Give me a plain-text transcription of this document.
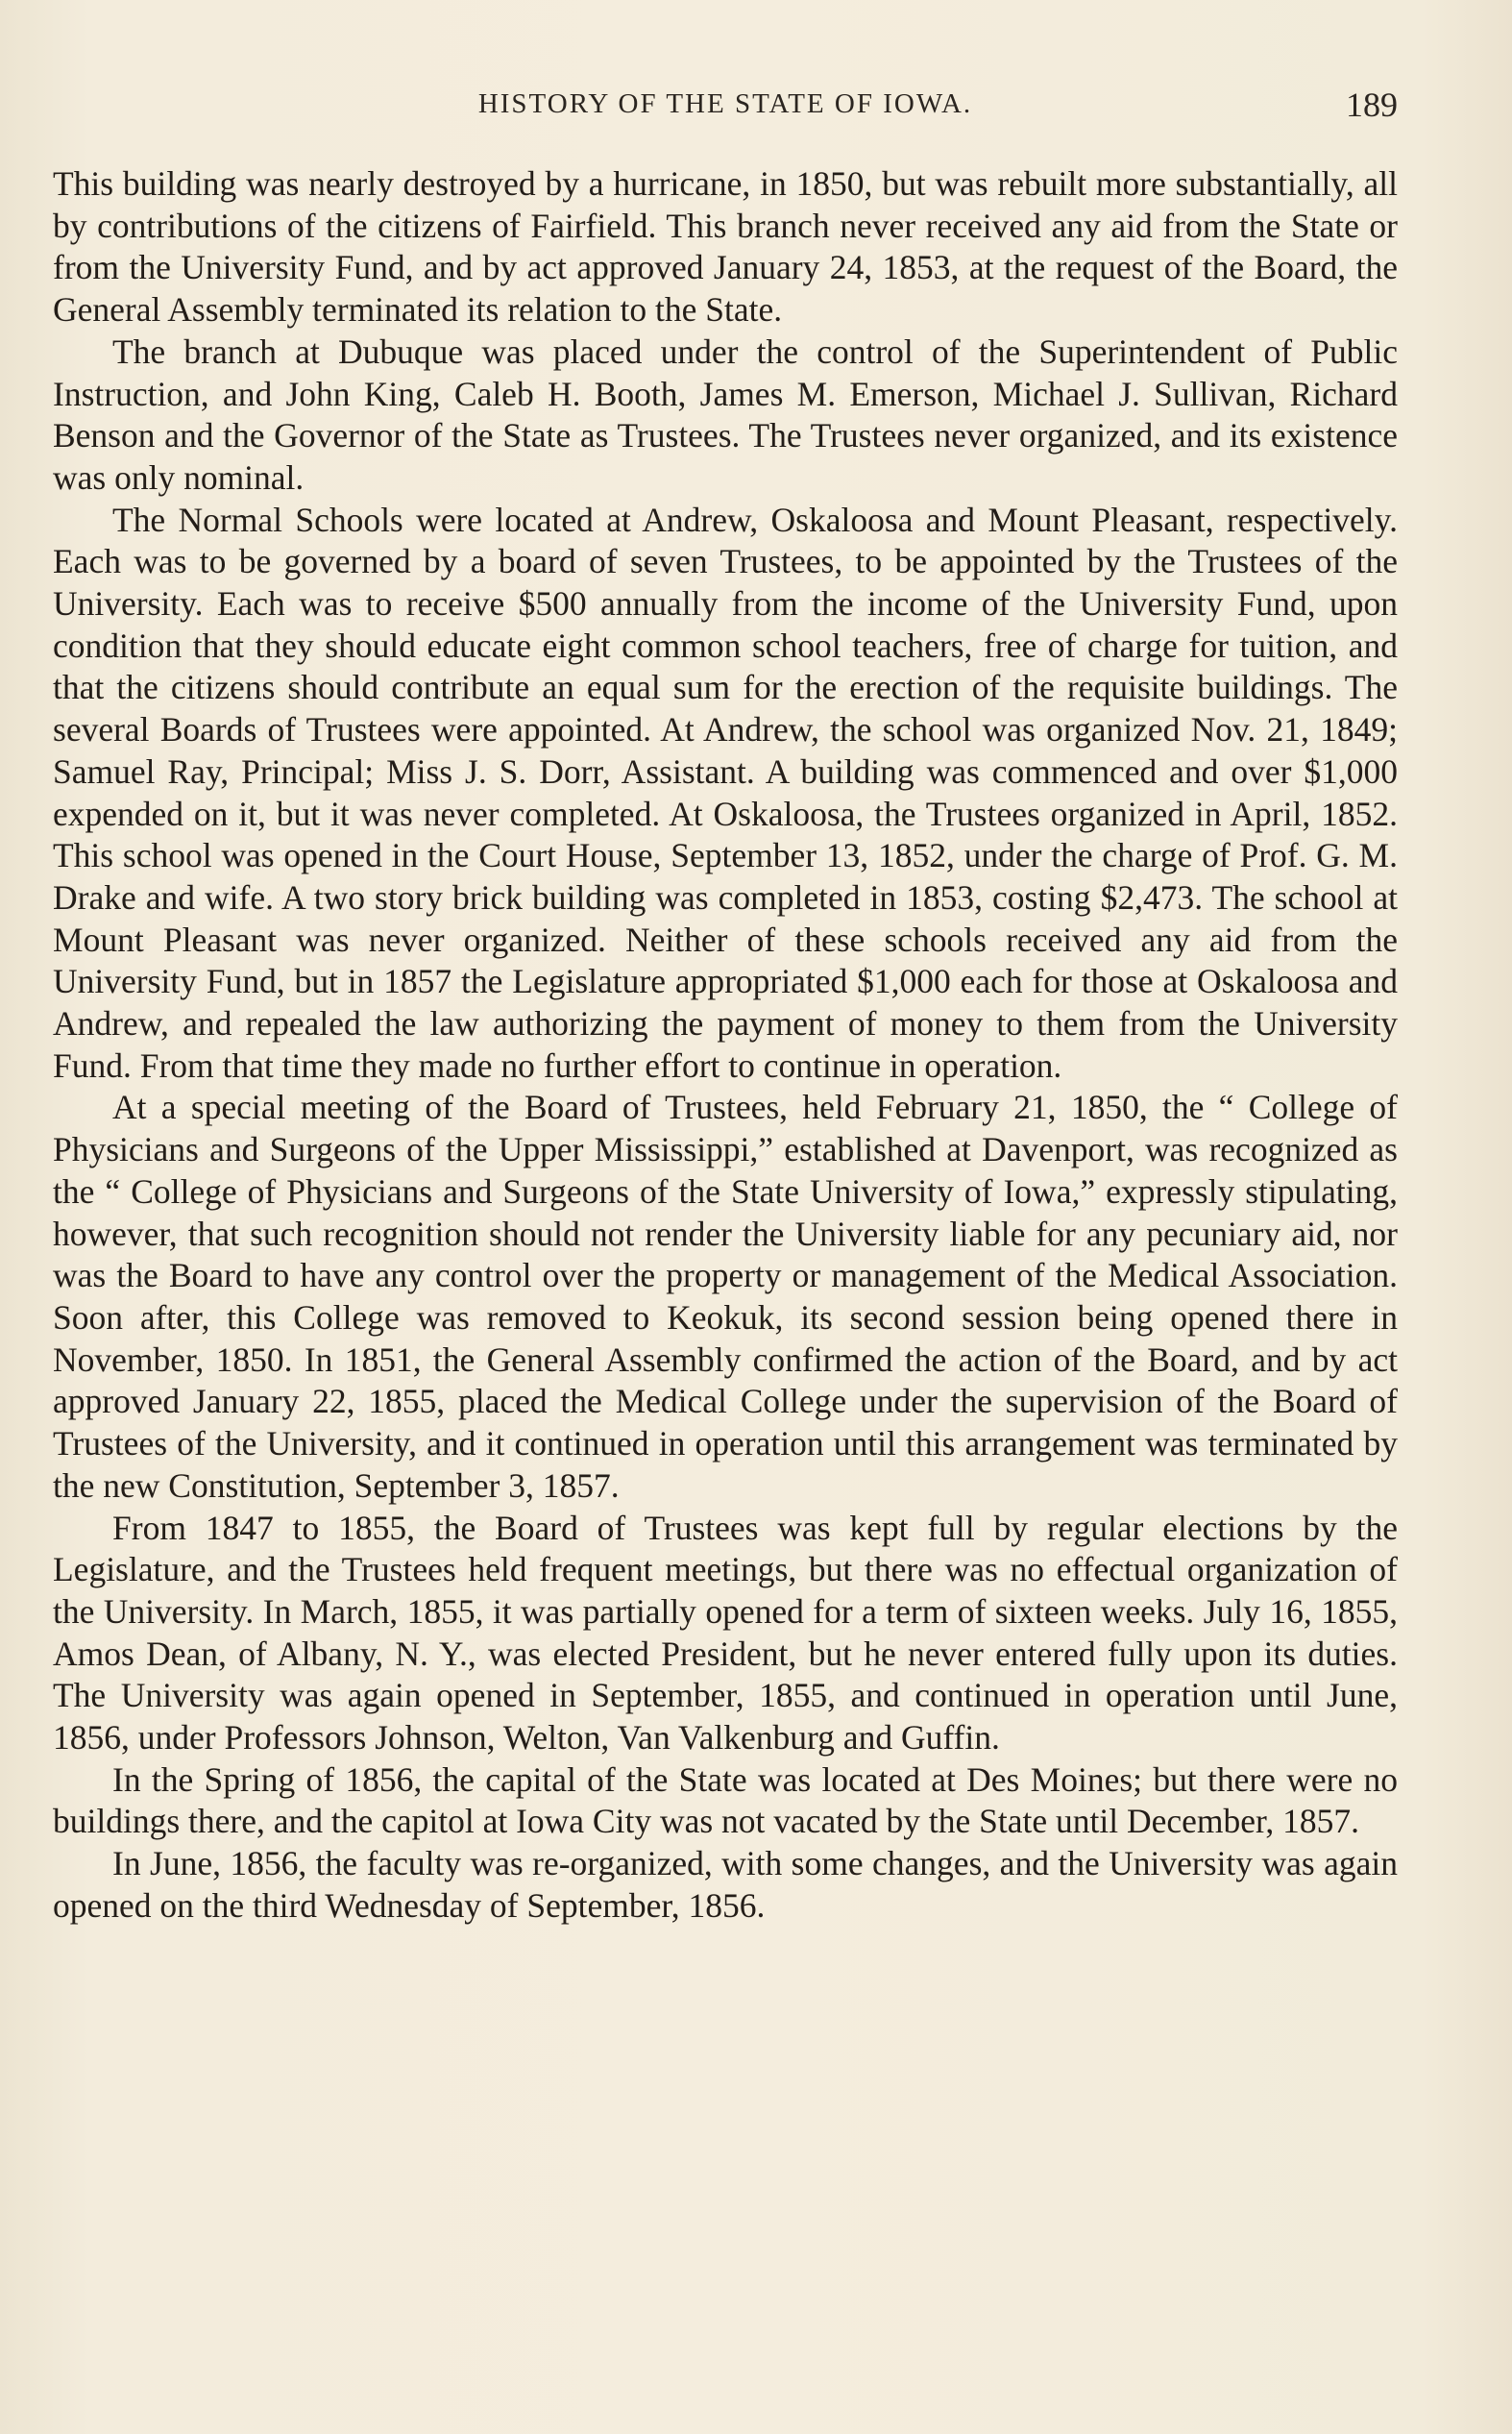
HISTORY OF THE STATE OF IOWA.	189

This building was nearly destroyed by a hurricane, in 1850, but was rebuilt more substantially, all by contributions of the citizens of Fairfield. This branch never received any aid from the State or from the University Fund, and by act approved January 24, 1853, at the request of the Board, the General Assembly terminated its relation to the State.

The branch at Dubuque was placed under the control of the Superintendent of Public Instruction, and John King, Caleb H. Booth, James M. Emerson, Michael J. Sullivan, Richard Benson and the Governor of the State as Trustees. The Trustees never organized, and its existence was only nominal.

The Normal Schools were located at Andrew, Oskaloosa and Mount Pleasant, respectively. Each was to be governed by a board of seven Trustees, to be appointed by the Trustees of the University. Each was to receive $500 annually from the income of the University Fund, upon condition that they should educate eight common school teachers, free of charge for tuition, and that the citizens should contribute an equal sum for the erection of the requisite buildings. The several Boards of Trustees were appointed. At Andrew, the school was organized Nov. 21, 1849; Samuel Ray, Principal; Miss J. S. Dorr, Assistant. A building was commenced and over $1,000 expended on it, but it was never completed. At Oskaloosa, the Trustees organized in April, 1852. This school was opened in the Court House, September 13, 1852, under the charge of Prof. G. M. Drake and wife. A two story brick building was completed in 1853, costing $2,473. The school at Mount Pleasant was never organized. Neither of these schools received any aid from the University Fund, but in 1857 the Legislature appropriated $1,000 each for those at Oskaloosa and Andrew, and repealed the law authorizing the payment of money to them from the University Fund. From that time they made no further effort to continue in operation.

At a special meeting of the Board of Trustees, held February 21, 1850, the “ College of Physicians and Surgeons of the Upper Mississippi,” established at Davenport, was recognized as the “ College of Physicians and Surgeons of the State University of Iowa,” expressly stipulating, however, that such recognition should not render the University liable for any pecuniary aid, nor was the Board to have any control over the property or management of the Medical Association. Soon after, this College was removed to Keokuk, its second session being opened there in November, 1850. In 1851, the General Assembly confirmed the action of the Board, and by act approved January 22, 1855, placed the Medical College under the supervision of the Board of Trustees of the University, and it continued in operation until this arrangement was terminated by the new Constitution, September 3, 1857.

From 1847 to 1855, the Board of Trustees was kept full by regular elections by the Legislature, and the Trustees held frequent meetings, but there was no effectual organization of the University. In March, 1855, it was partially opened for a term of sixteen weeks. July 16, 1855, Amos Dean, of Albany, N. Y., was elected President, but he never entered fully upon its duties. The University was again opened in September, 1855, and continued in operation until June, 1856, under Professors Johnson, Welton, Van Valkenburg and Guffin.

In the Spring of 1856, the capital of the State was located at Des Moines; but there were no buildings there, and the capitol at Iowa City was not vacated by the State until December, 1857.

In June, 1856, the faculty was re-organized, with some changes, and the University was again opened on the third Wednesday of September, 1856.
